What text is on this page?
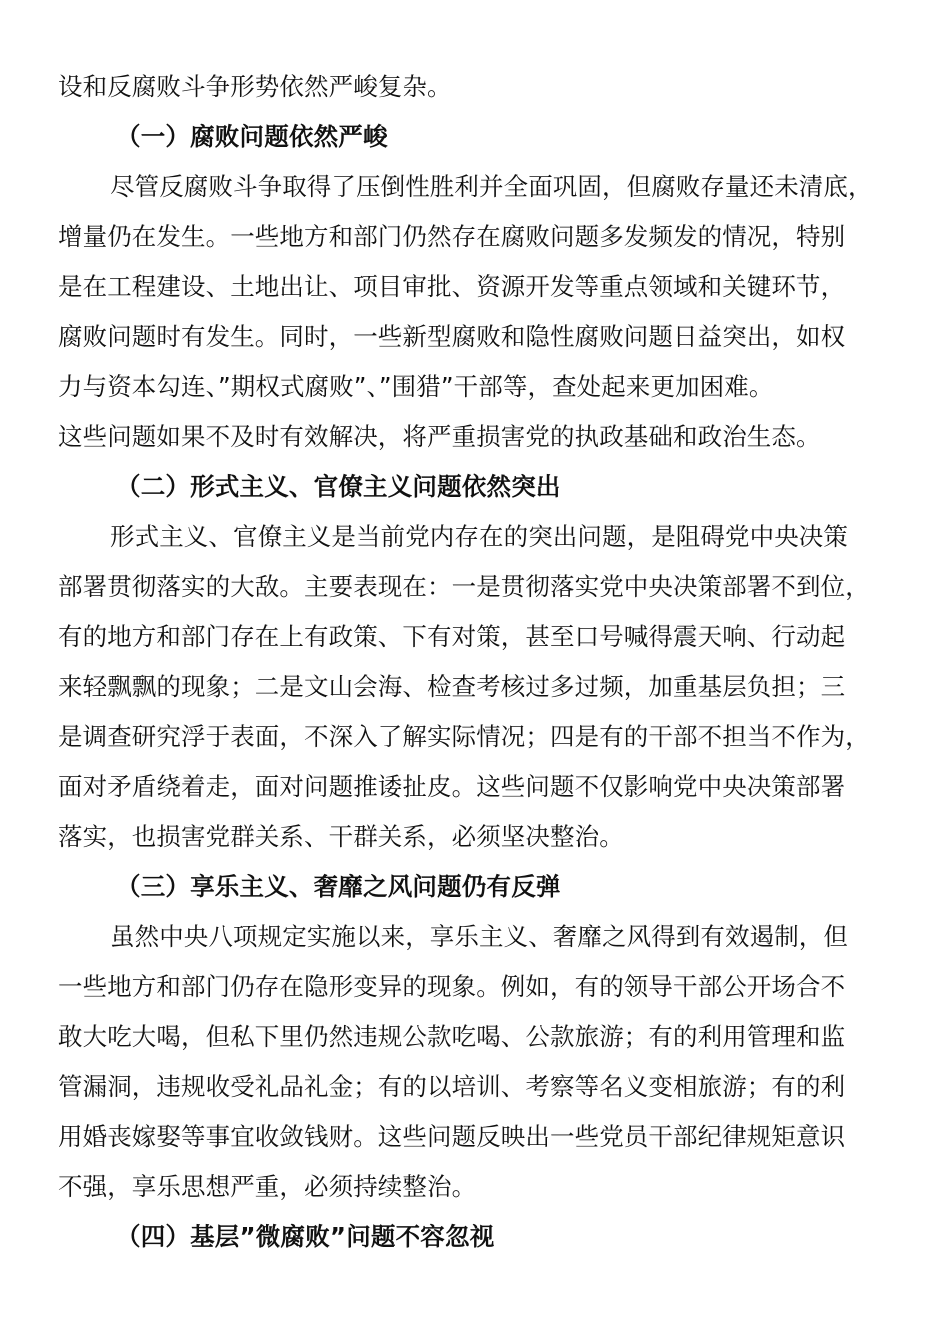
设和反腐败斗争形势依然严峻复杂。
（一）腐败问题依然严峻
尽管反腐败斗争取得了压倒性胜利并全面巩固，但腐败存量还未清底，
增量仍在发生。一些地方和部门仍然存在腐败问题多发频发的情况，特别
是在工程建设、土地出让、项目审批、资源开发等重点领域和关键环节，
腐败问题时有发生。同时，一些新型腐败和隐性腐败问题日益突出，如权
力与资本勾连、”期权式腐败”、”围猎”干部等，查处起来更加困难。
这些问题如果不及时有效解决，将严重损害党的执政基础和政治生态。
（二）形式主义、官僚主义问题依然突出
形式主义、官僚主义是当前党内存在的突出问题，是阻碍党中央决策
部署贯彻落实的大敌。主要表现在：一是贯彻落实党中央决策部署不到位，
有的地方和部门存在上有政策、下有对策，甚至口号喊得震天响、行动起
来轻飘飘的现象；二是文山会海、检查考核过多过频，加重基层负担；三
是调查研究浮于表面，不深入了解实际情况；四是有的干部不担当不作为，
面对矛盾绕着走，面对问题推诿扯皮。这些问题不仅影响党中央决策部署
落实，也损害党群关系、干群关系，必须坚决整治。
（三）享乐主义、奢靡之风问题仍有反弹
虽然中央八项规定实施以来，享乐主义、奢靡之风得到有效遏制，但
一些地方和部门仍存在隐形变异的现象。例如，有的领导干部公开场合不
敢大吃大喝，但私下里仍然违规公款吃喝、公款旅游；有的利用管理和监
管漏洞，违规收受礼品礼金；有的以培训、考察等名义变相旅游；有的利
用婚丧嫁娶等事宜收敛钱财。这些问题反映出一些党员干部纪律规矩意识
不强，享乐思想严重，必须持续整治。
（四）基层”微腐败”问题不容忽视
